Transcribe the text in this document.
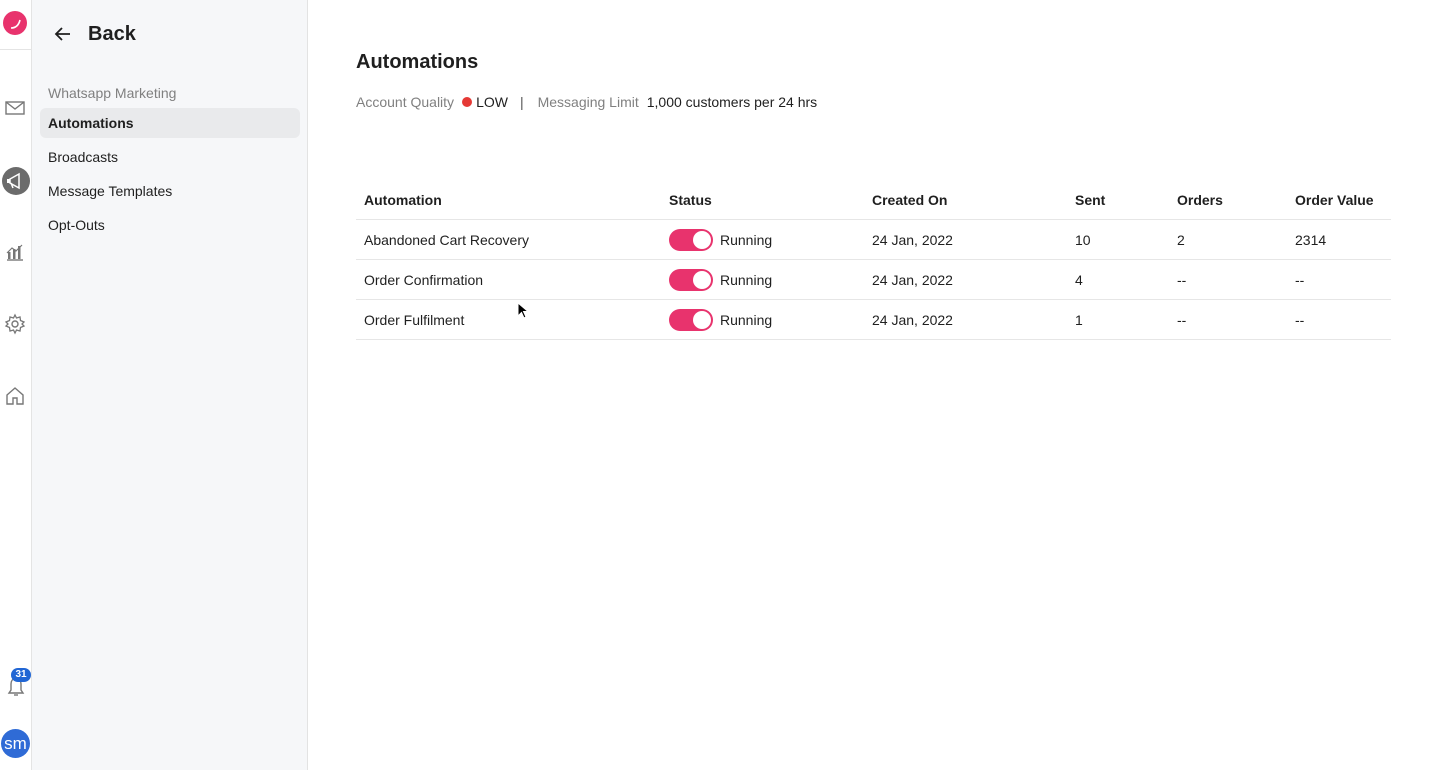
31
sm
Back
Whatsapp Marketing
Automations
Broadcasts
Message Templates
Opt-Outs
Automations
Account Quality LOW | Messaging Limit 1,000 customers per 24 hrs
Automation	Status	Created On	Sent	Orders	Order Value
Abandoned Cart Recovery	Running	24 Jan, 2022	10	2	2314
Order Confirmation	Running	24 Jan, 2022	4	--	--
Order Fulfilment	Running	24 Jan, 2022	1	--	--
